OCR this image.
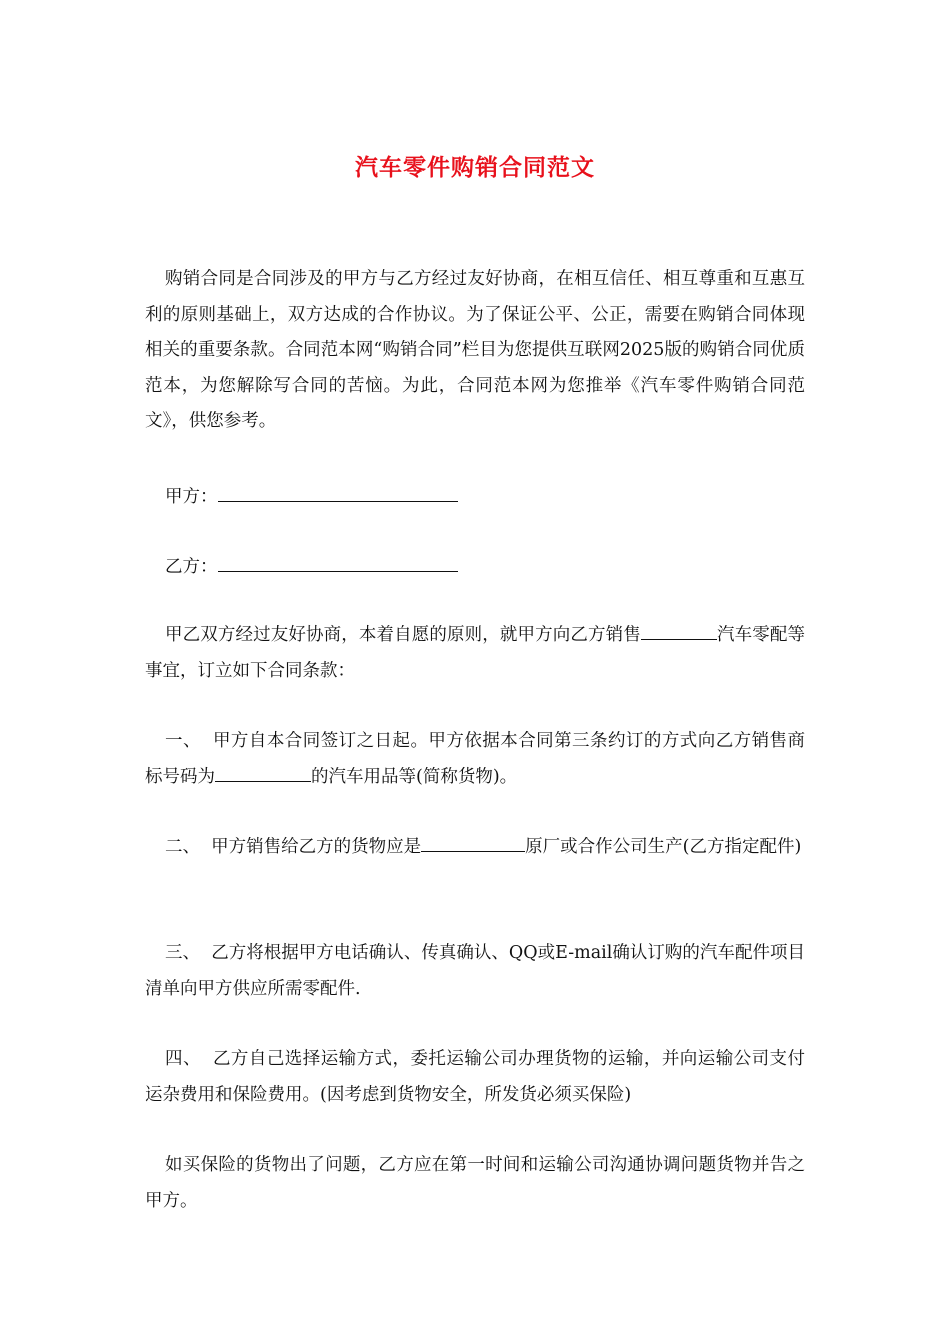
汽车零件购销合同范文

购销合同是合同涉及的甲方与乙方经过友好协商，在相互信任、相互尊重和互惠互利的原则基础上，双方达成的合作协议。为了保证公平、公正，需要在购销合同体现相关的重要条款。合同范本网“购销合同”栏目为您提供互联网2025版的购销合同优质范本，为您解除写合同的苦恼。为此，合同范本网为您推举《汽车零件购销合同范文》，供您参考。

甲方：

乙方：

甲乙双方经过友好协商，本着自愿的原则，就甲方向乙方销售	汽车零配等事宜，订立如下合同条款：

一、 甲方自本合同签订之日起。甲方依据本合同第三条约订的方式向乙方销售商标号码为	的汽车用品等(简称货物)。

二、 甲方销售给乙方的货物应是	原厂或合作公司生产(乙方指定配件)

三、 乙方将根据甲方电话确认、传真确认、QQ或E-mail确认订购的汽车配件项目清单向甲方供应所需零配件.

四、 乙方自己选择运输方式，委托运输公司办理货物的运输，并向运输公司支付运杂费用和保险费用。(因考虑到货物安全，所发货必须买保险)

如买保险的货物出了问题，乙方应在第一时间和运输公司沟通协调问题货物并告之甲方。
